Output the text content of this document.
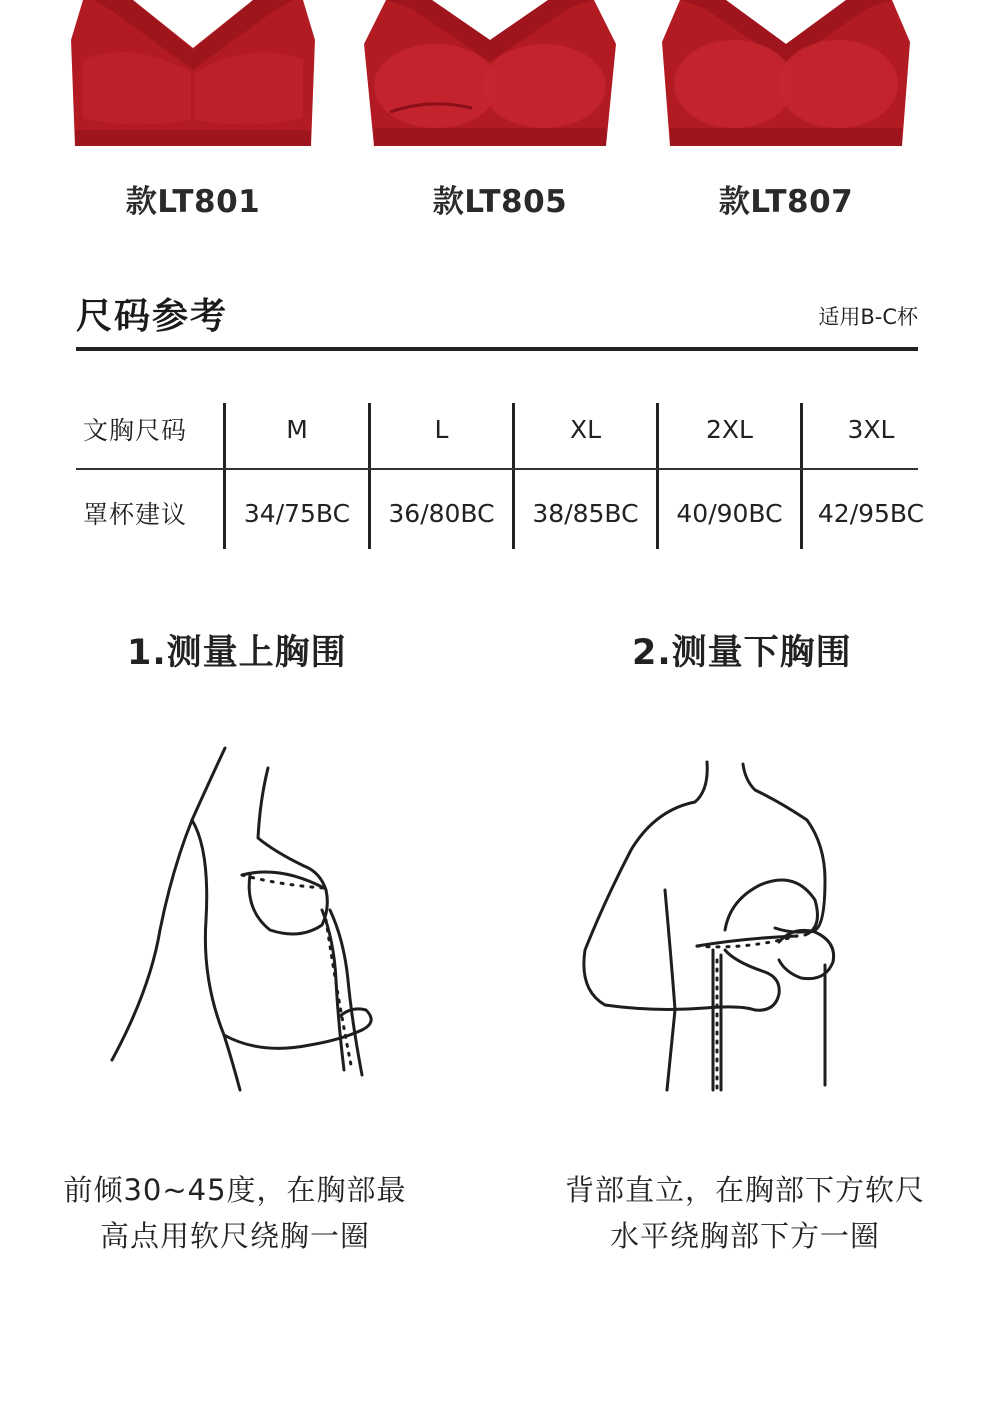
款LT801	款LT805	款LT807
尺码参考	适用B-C杯
文胸尺码	M	L	XL	2XL	3XL
罩杯建议	34/75BC	36/80BC	38/85BC	40/90BC	42/95BC
1.测量上胸围	2.测量下胸围
前倾30~45度，在胸部最
高点用软尺绕胸一圈
背部直立，在胸部下方软尺
水平绕胸部下方一圈
